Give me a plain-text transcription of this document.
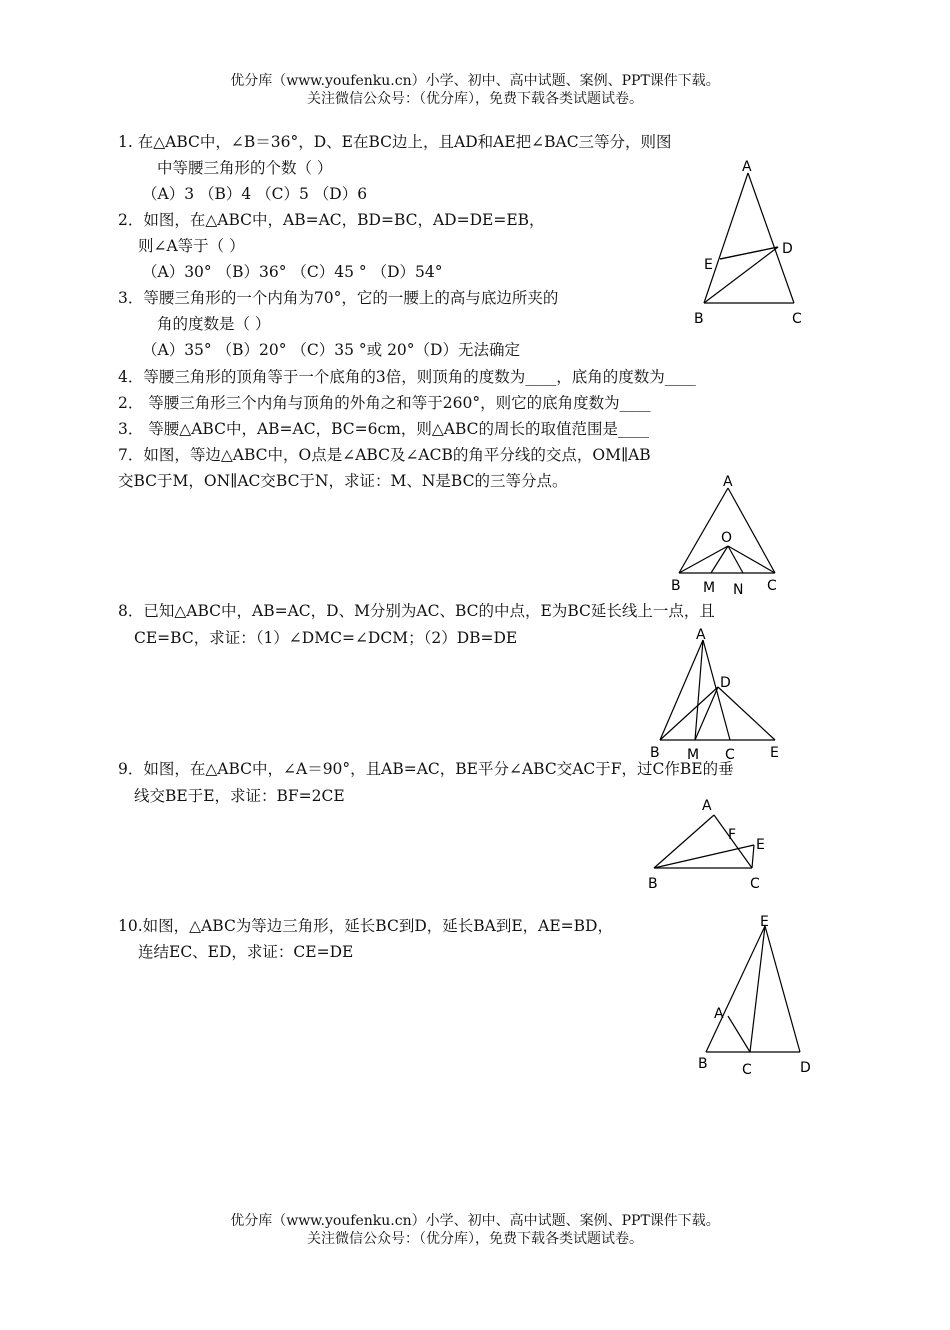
优分库（www.youfenku.cn）小学、初中、高中试题、案例、PPT课件下载。
关注微信公众号：（优分库），免费下载各类试题试卷。
1. 在△ABC中，∠B＝36°，D、E在BC边上，且AD和AE把∠BAC三等分，则图
中等腰三角形的个数（ ）
（A）3 （B）4 （C）5 （D）6
2．如图，在△ABC中，AB=AC，BD=BC，AD=DE=EB，
则∠A等于（ ）
（A）30° （B）36° （C）45 ° （D）54°
3．等腰三角形的一个内角为70°，它的一腰上的高与底边所夹的
角的度数是（ ）
（A）35° （B）20° （C）35 °或 20°（D）无法确定
4．等腰三角形的顶角等于一个底角的3倍，则顶角的度数为____，底角的度数为____
2． 等腰三角形三个内角与顶角的外角之和等于260°，则它的底角度数为____
3． 等腰△ABC中，AB=AC，BC=6cm，则△ABC的周长的取值范围是____
7．如图，等边△ABC中，O点是∠ABC及∠ACB的角平分线的交点，OM∥AB
交BC于M，ON∥AC交BC于N，求证：M、N是BC的三等分点。
8．已知△ABC中，AB=AC，D、M分别为AC、BC的中点，E为BC延长线上一点，且
CE=BC，求证：（1）∠DMC=∠DCM；（2）DB=DE
9．如图，在△ABC中，∠A＝90°，且AB=AC，BE平分∠ABC交AC于F，过C作BE的垂
线交BE于E，求证：BF=2CE
10.如图，△ABC为等边三角形，延长BC到D，延长BA到E，AE=BD，
连结EC、ED，求证：CE=DE
A
D
E
B	C
A
O
B M N C
A
D
B M C	E
A
F
E
B	C
E
A
B C	D
优分库（www.youfenku.cn）小学、初中、高中试题、案例、PPT课件下载。
关注微信公众号：（优分库），免费下载各类试题试卷。
